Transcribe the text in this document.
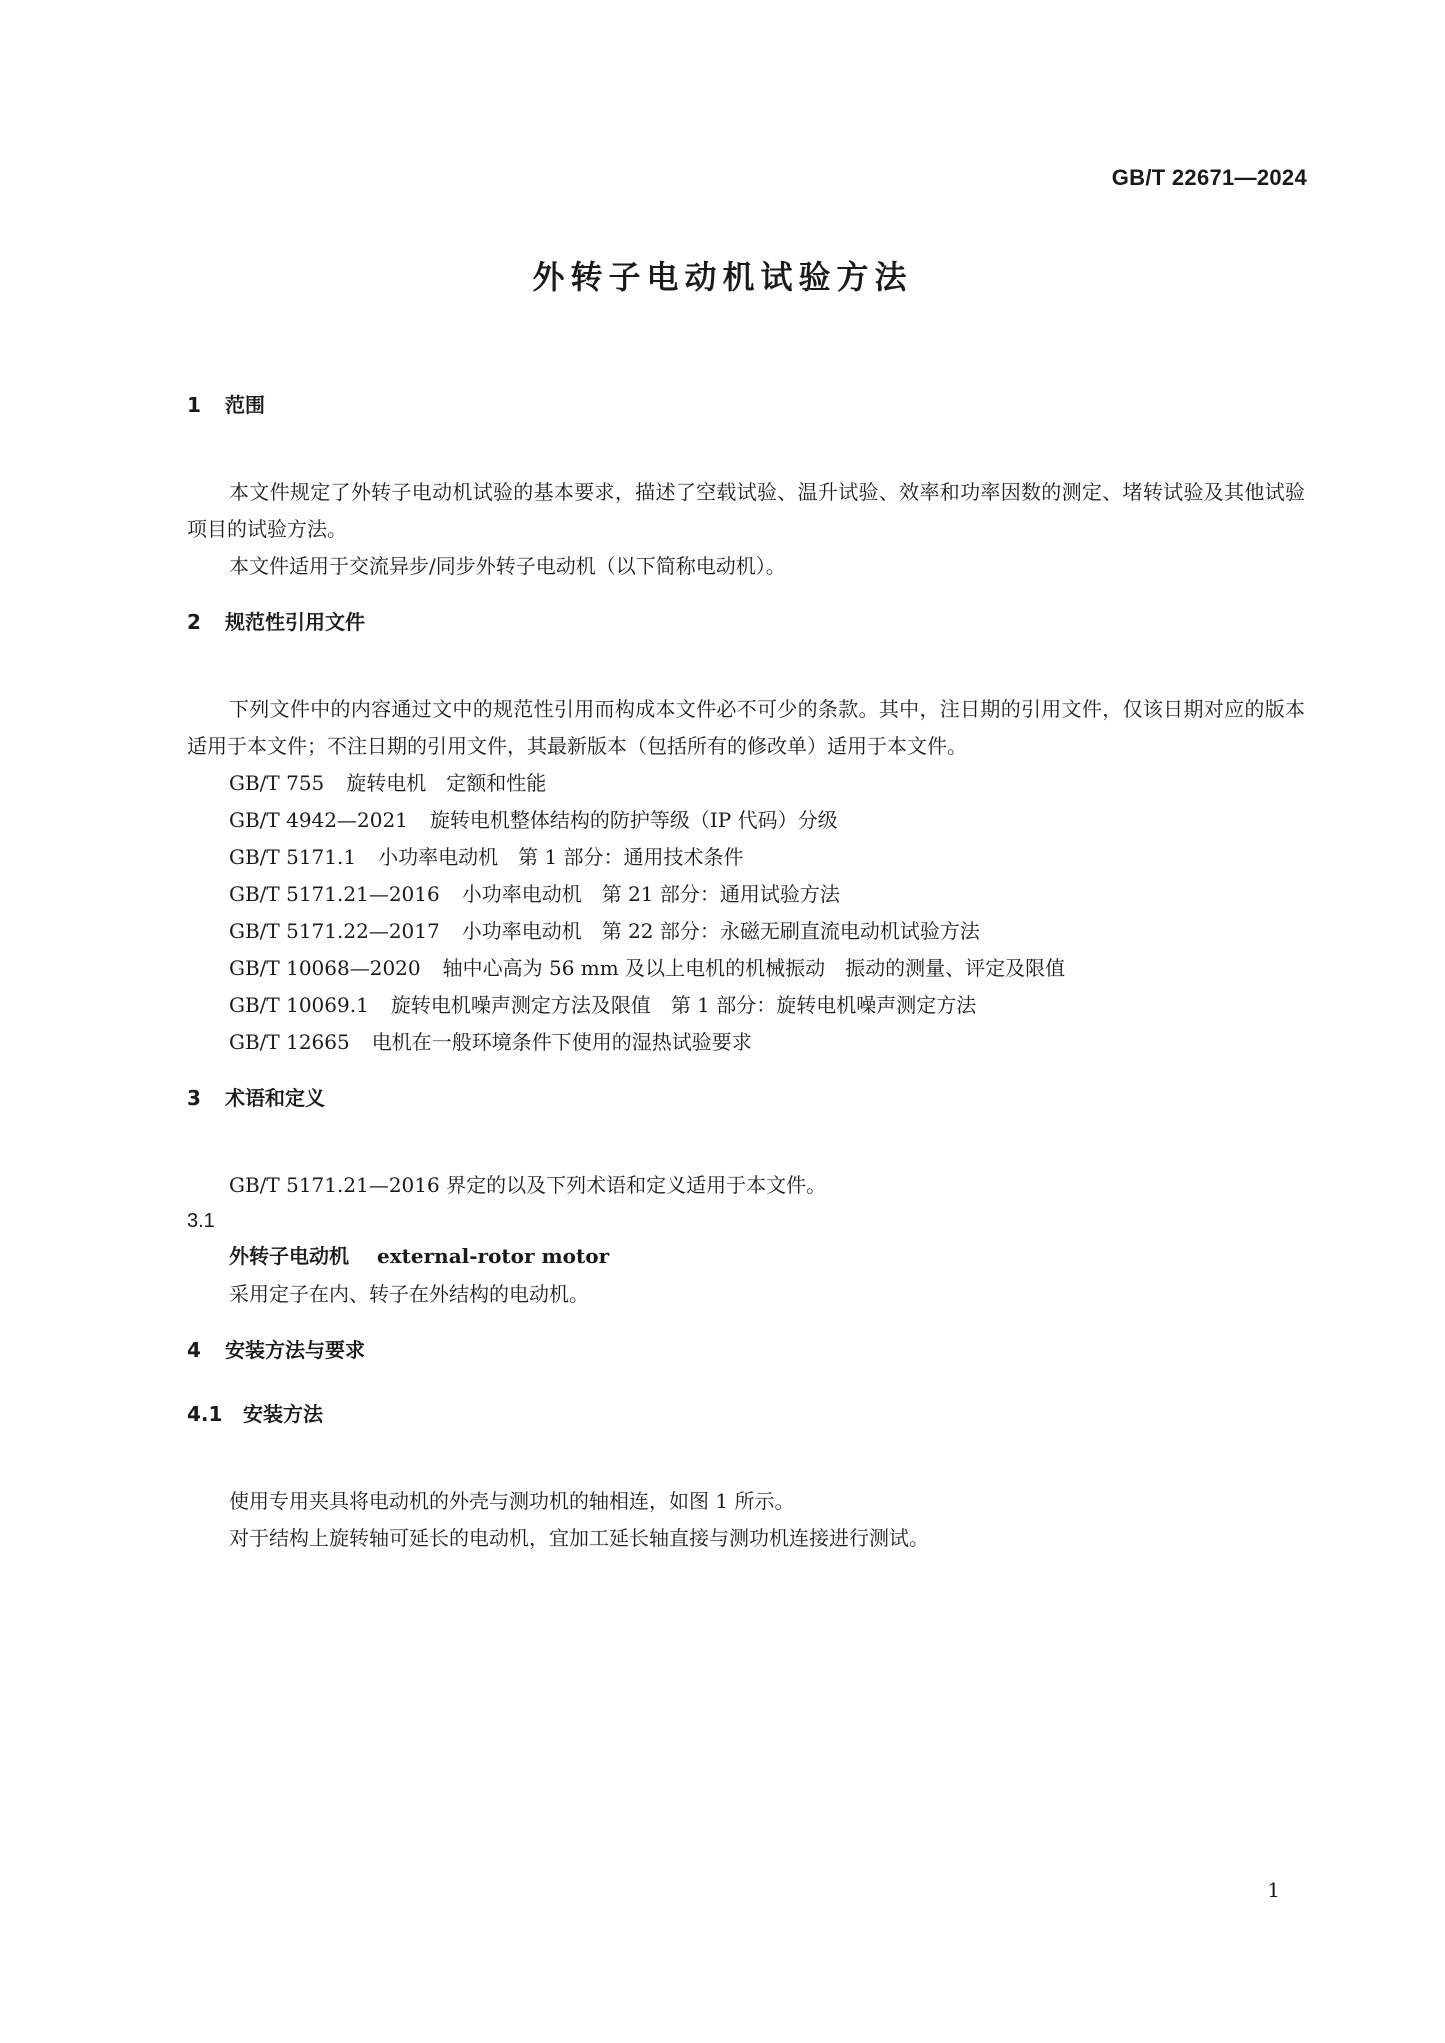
GB/T 22671—2024
外转子电动机试验方法
1 范围
本文件规定了外转子电动机试验的基本要求，描述了空载试验、温升试验、效率和功率因数的测定、堵转试验及其他试验项目的试验方法。
本文件适用于交流异步/同步外转子电动机（以下简称电动机）。
2 规范性引用文件
下列文件中的内容通过文中的规范性引用而构成本文件必不可少的条款。其中，注日期的引用文件，仅该日期对应的版本适用于本文件；不注日期的引用文件，其最新版本（包括所有的修改单）适用于本文件。
GB/T 755 旋转电机　定额和性能
GB/T 4942—2021 旋转电机整体结构的防护等级（IP 代码）分级
GB/T 5171.1 小功率电动机　第 1 部分：通用技术条件
GB/T 5171.21—2016 小功率电动机　第 21 部分：通用试验方法
GB/T 5171.22—2017 小功率电动机　第 22 部分：永磁无刷直流电动机试验方法
GB/T 10068—2020 轴中心高为 56 mm 及以上电机的机械振动　振动的测量、评定及限值
GB/T 10069.1 旋转电机噪声测定方法及限值　第 1 部分：旋转电机噪声测定方法
GB/T 12665 电机在一般环境条件下使用的湿热试验要求
3 术语和定义
GB/T 5171.21—2016 界定的以及下列术语和定义适用于本文件。
3.1
外转子电动机 external-rotor motor
采用定子在内、转子在外结构的电动机。
4 安装方法与要求
4.1 安装方法
使用专用夹具将电动机的外壳与测功机的轴相连，如图 1 所示。
对于结构上旋转轴可延长的电动机，宜加工延长轴直接与测功机连接进行测试。
1
